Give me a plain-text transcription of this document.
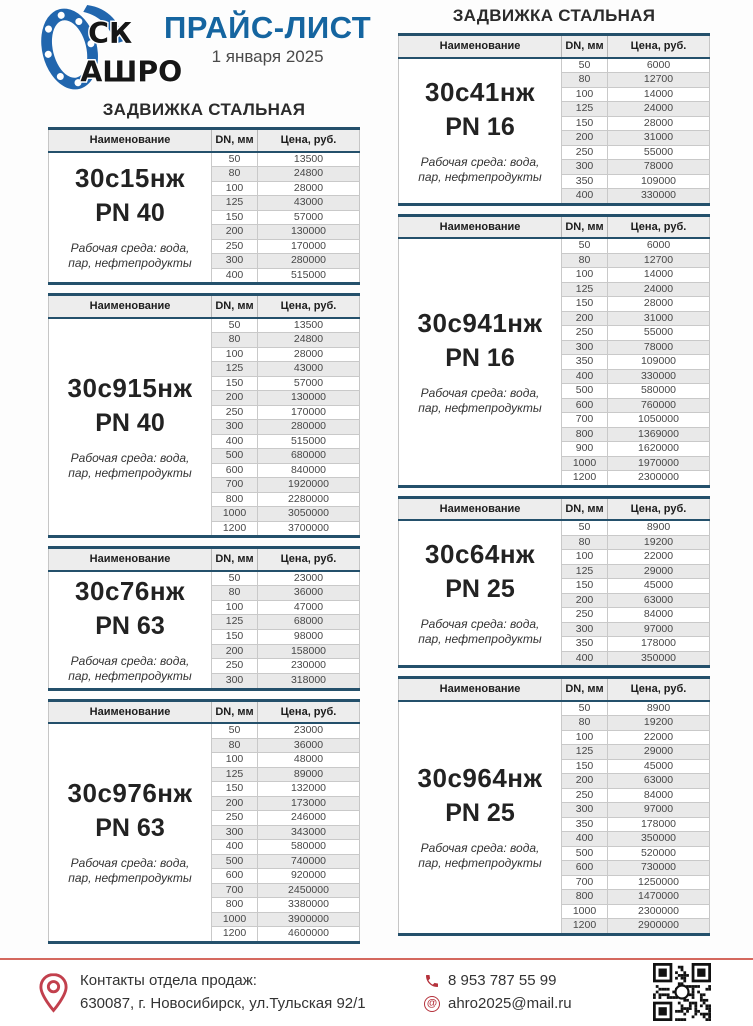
СК
АШРО
ПРАЙС-ЛИСТ
1 января 2025
ЗАДВИЖКА СТАЛЬНАЯ
Наименование	DN, мм	Цена, руб.

30с15нж
PN 40
Рабочая среда: вода, пар, нефтепродукты	50	13500
	80	24800
	100	28000
	125	43000
	150	57000
	200	130000
	250	170000
	300	280000
	400	515000
Наименование	DN, мм	Цена, руб.

30с915нж
PN 40
Рабочая среда: вода, пар, нефтепродукты	50	13500
	80	24800
	100	28000
	125	43000
	150	57000
	200	130000
	250	170000
	300	280000
	400	515000
	500	680000
	600	840000
	700	1920000
	800	2280000
	1000	3050000
	1200	3700000
Наименование	DN, мм	Цена, руб.

30с76нж
PN 63
Рабочая среда: вода, пар, нефтепродукты	50	23000
	80	36000
	100	47000
	125	68000
	150	98000
	200	158000
	250	230000
	300	318000
Наименование	DN, мм	Цена, руб.

30с976нж
PN 63
Рабочая среда: вода, пар, нефтепродукты	50	23000
	80	36000
	100	48000
	125	89000
	150	132000
	200	173000
	250	246000
	300	343000
	400	580000
	500	740000
	600	920000
	700	2450000
	800	3380000
	1000	3900000
	1200	4600000
ЗАДВИЖКА СТАЛЬНАЯ
Наименование	DN, мм	Цена, руб.

30с41нж
PN 16
Рабочая среда: вода, пар, нефтепродукты	50	6000
	80	12700
	100	14000
	125	24000
	150	28000
	200	31000
	250	55000
	300	78000
	350	109000
	400	330000
Наименование	DN, мм	Цена, руб.

30с941нж
PN 16
Рабочая среда: вода, пар, нефтепродукты	50	6000
	80	12700
	100	14000
	125	24000
	150	28000
	200	31000
	250	55000
	300	78000
	350	109000
	400	330000
	500	580000
	600	760000
	700	1050000
	800	1369000
	900	1620000
	1000	1970000
	1200	2300000
Наименование	DN, мм	Цена, руб.

30с64нж
PN 25
Рабочая среда: вода, пар, нефтепродукты	50	8900
	80	19200
	100	22000
	125	29000
	150	45000
	200	63000
	250	84000
	300	97000
	350	178000
	400	350000
Наименование	DN, мм	Цена, руб.

30с964нж
PN 25
Рабочая среда: вода, пар, нефтепродукты	50	8900
	80	19200
	100	22000
	125	29000
	150	45000
	200	63000
	250	84000
	300	97000
	350	178000
	400	350000
	500	520000
	600	730000
	700	1250000
	800	1470000
	1000	2300000
	1200	2900000
Контакты отдела продаж:
630087, г. Новосибирск, ул.Тульская 92/1
8 953 787 55 99
@ ahro2025@mail.ru
